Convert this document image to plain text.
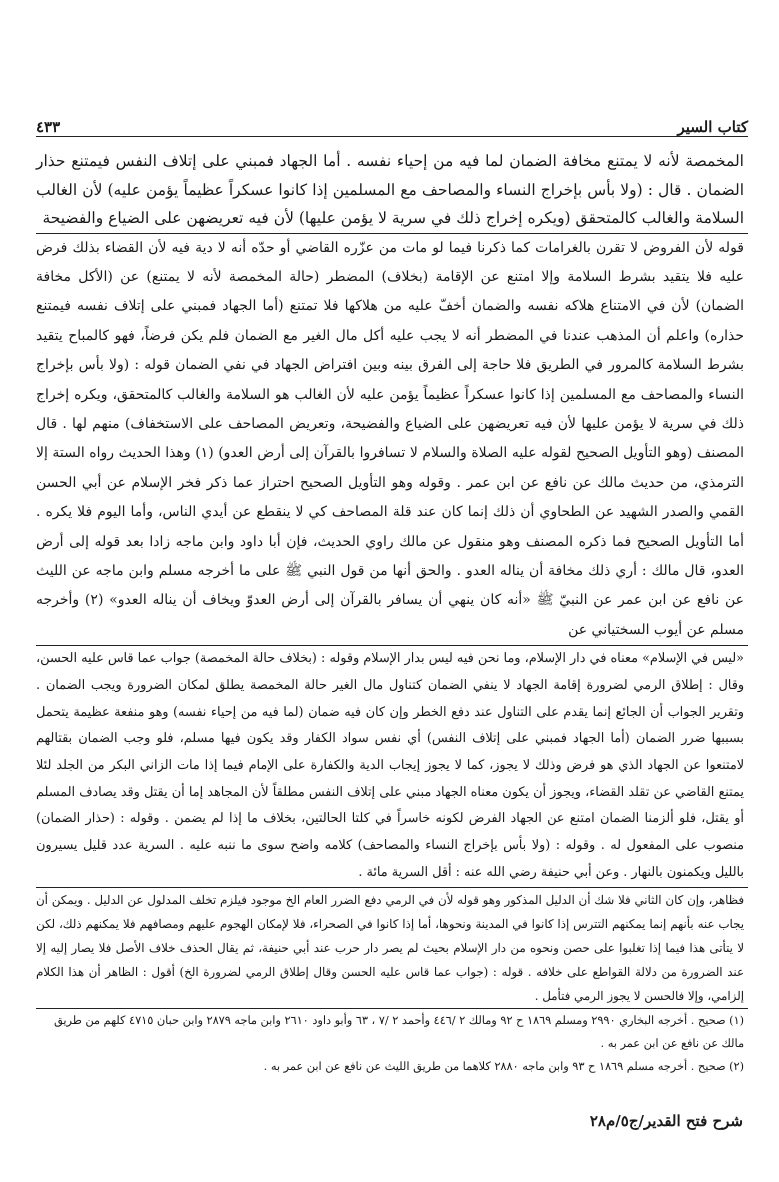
كتاب السير
٤٣٣

المخمصة لأنه لا يمتنع مخافة الضمان لما فيه من إحياء نفسه . أما الجهاد فمبني على إتلاف النفس فيمتنع حذار الضمان . قال : (ولا بأس بإخراج النساء والمصاحف مع المسلمين إذا كانوا عسكراً عظيماً يؤمن عليه) لأن الغالب السلامة والغالب كالمتحقق (ويكره إخراج ذلك في سرية لا يؤمن عليها) لأن فيه تعريضهن على الضياع والفضيحة

قوله لأن الفروض لا تقرن بالغرامات كما ذكرنا فيما لو مات من عزّره القاضي أو حدّه أنه لا دية فيه لأن القضاء بذلك فرض عليه فلا يتقيد بشرط السلامة وإلا امتنع عن الإقامة (بخلاف) المضطر (حالة المخمصة لأنه لا يمتنع) عن (الأكل مخافة الضمان) لأن في الامتناع هلاكه نفسه والضمان أخفّ عليه من هلاكها فلا تمتنع (أما الجهاد فمبني على إتلاف نفسه فيمتنع حذاره) واعلم أن المذهب عندنا في المضطر أنه لا يجب عليه أكل مال الغير مع الضمان فلم يكن فرضاً، فهو كالمباح يتقيد بشرط السلامة كالمرور في الطريق فلا حاجة إلى الفرق بينه وبين افتراض الجهاد في نفي الضمان قوله : (ولا بأس بإخراج النساء والمصاحف مع المسلمين إذا كانوا عسكراً عظيماً يؤمن عليه لأن الغالب هو السلامة والغالب كالمتحقق، ويكره إخراج ذلك في سرية لا يؤمن عليها لأن فيه تعريضهن على الضياع والفضيحة، وتعريض المصاحف على الاستخفاف) منهم لها . قال المصنف (وهو التأويل الصحيح لقوله عليه الصلاة والسلام لا تسافروا بالقرآن إلى أرض العدو) (١) وهذا الحديث رواه الستة إلا الترمذي، من حديث مالك عن نافع عن ابن عمر . وقوله وهو التأويل الصحيح احتراز عما ذكر فخر الإسلام عن أبي الحسن القمي والصدر الشهيد عن الطحاوي أن ذلك إنما كان عند قلة المصاحف كي لا ينقطع عن أيدي الناس، وأما اليوم فلا يكره . أما التأويل الصحيح فما ذكره المصنف وهو منقول عن مالك راوي الحديث، فإن أبا داود وابن ماجه زادا بعد قوله إلى أرض العدو، قال مالك : أري ذلك مخافة أن يناله العدو . والحق أنها من قول النبي ﷺ على ما أخرجه مسلم وابن ماجه عن الليث عن نافع عن ابن عمر عن النبيّ ﷺ «أنه كان ينهي أن يسافر بالقرآن إلى أرض العدوّ ويخاف أن يناله العدو» (٢) وأخرجه مسلم عن أيوب السختياني عن

«ليس في الإسلام» معناه في دار الإسلام، وما نحن فيه ليس بدار الإسلام وقوله : (بخلاف حالة المخمصة) جواب عما قاس عليه الحسن، وقال : إطلاق الرمي لضرورة إقامة الجهاد لا ينفي الضمان كتناول مال الغير حالة المخمصة يطلق لمكان الضرورة ويجب الضمان . وتقرير الجواب أن الجائع إنما يقدم على التناول عند دفع الخطر وإن كان فيه ضمان (لما فيه من إحياء نفسه) وهو منفعة عظيمة يتحمل بسببها ضرر الضمان (أما الجهاد فمبني على إتلاف النفس) أي نفس سواد الكفار وقد يكون فيها مسلم، فلو وجب الضمان بقتالهم لامتنعوا عن الجهاد الذي هو فرض وذلك لا يجوز، كما لا يجوز إيجاب الدية والكفارة على الإمام فيما إذا مات الزاني البكر من الجلد لئلا يمتنع القاضي عن تقلد القضاء، ويجوز أن يكون معناه الجهاد مبني على إتلاف النفس مطلقاً لأن المجاهد إما أن يقتل وقد يصادف المسلم أو يقتل، فلو ألزمنا الضمان امتنع عن الجهاد الفرض لكونه خاسراً في كلتا الحالتين، بخلاف ما إذا لم يضمن . وقوله : (حذار الضمان) منصوب على المفعول له . وقوله : (ولا بأس بإخراج النساء والمصاحف) كلامه واضح سوى ما ننبه عليه . السرية عدد قليل يسيرون بالليل ويكمنون بالنهار . وعن أبي حنيفة رضي الله عنه : أقل السرية مائة .

فظاهر، وإن كان الثاني فلا شك أن الدليل المذكور وهو قوله لأن في الرمي دفع الضرر العام الخ موجود فيلزم تخلف المدلول عن الدليل . ويمكن أن يجاب عنه بأنهم إنما يمكنهم التترس إذا كانوا في المدينة ونحوها، أما إذا كانوا في الصحراء، فلا لإمكان الهجوم عليهم ومصافهم فلا يمكنهم ذلك، لكن لا يتأتى هذا فيما إذا تغلبوا على حصن ونحوه من دار الإسلام بحيث لم يصر دار حرب عند أبي حنيفة، ثم يقال الحذف خلاف الأصل فلا يصار إليه إلا عند الضرورة من دلالة القواطع على خلافه . قوله : (جواب عما قاس عليه الحسن وقال إطلاق الرمي لضرورة الخ) أقول : الظاهر أن هذا الكلام إلزامي، وإلا فالحسن لا يجوز الرمي فتأمل .

(١) صحيح . أخرجه البخاري ٢٩٩٠ ومسلم ١٨٦٩ ح ٩٢ ومالك ٢ /٤٤٦ وأحمد ٢ /٧ ، ٦٣ وأبو داود ٢٦١٠ وابن ماجه ٢٨٧٩ وابن حبان ٤٧١٥ كلهم من طريق مالك عن نافع عن ابن عمر به .

(٢) صحيح . أخرجه مسلم ١٨٦٩ ح ٩٣ وابن ماجه ٢٨٨٠ كلاهما من طريق الليث عن نافع عن ابن عمر به .

شرح فتح القدير/ج٥/م٢٨
